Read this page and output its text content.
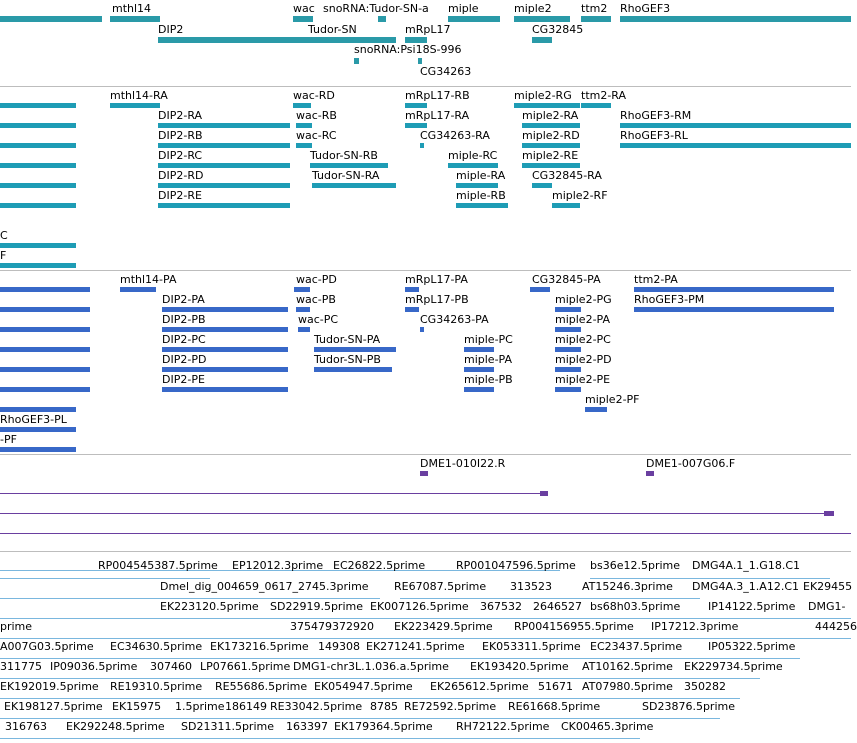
mthl14
DIP2
wac snoRNA:Tudor-SN-a
Tudor-SN
miple
mRpL17
snoRNA:Psi18S-996
miple2
CG32845
ttm2 RhoGEF3
CG34263
mthl14-RA
DIP2-RA
DIP2-RB
DIP2-RC
DIP2-RD
DIP2-RE
wac-RD
wac-RB
wac-RC
Tudor-SN-RB
Tudor-SN-RA
mRpL17-RB
mRpL17-RA
CG34263-RA
miple-RC
miple-RA
miple-RB
miple2-RG
miple2-RA
miple2-RD
miple2-RE
CG32845-RA
miple2-RF
ttm2-RA
RhoGEF3-RM
RhoGEF3-RL
C
F
mthl14-PA
DIP2-PA
DIP2-PB
DIP2-PC
DIP2-PD
DIP2-PE
wac-PD
wac-PB
wac-PC
Tudor-SN-PA
Tudor-SN-PB
mRpL17-PA
mRpL17-PB
CG34263-PA
miple-PC
miple-PA
miple-PB
CG32845-PA
miple2-PG
miple2-PA
miple2-PC
miple2-PD
miple2-PE
miple2-PF
ttm2-PA
RhoGEF3-PM
RhoGEF3-PL
-PF
DME1-010I22.R	DME1-007G06.F
RP004545387.5prime EP12012.3prime EC26822.5prime	RP001047596.5prime bs36e12.5prime DMG4A.1_1.G18.C1
Dmel_dig_004659_0617_2745.3prime RE67087.5prime 313523	AT15246.3prime DMG4A.3_1.A12.C1 EK29455
EK223120.5prime SD22919.5prime EK007126.5prime 367532 2646527 bs68h03.5prime	IP14122.5prime DMG1-
prime	375479372920 EK223429.5prime RP004156955.5prime IP17212.3prime	444256
A007G03.5prime EC34630.5prime EK173216.5prime 149308 EK271241.5prime EK053311.5prime EC23437.5prime IP05322.5prime
311775 IP09036.5prime 307460 LP07661.5prime DMG1-chr3L.1.036.a.5prime EK193420.5prime AT10162.5prime EK229734.5prime
EK192019.5prime RE19310.5prime RE55686.5prime EK054947.5prime EK265612.5prime 51671 AT07980.5prime 350282
EK198127.5prime EK15975 1.5prime 186149 RE33042.5prime 8785 RE72592.5prime RE61668.5prime	SD23876.5prime
316763 EK292248.5prime SD21311.5prime 163397 EK179364.5prime RH72122.5prime CK00465.3prime
